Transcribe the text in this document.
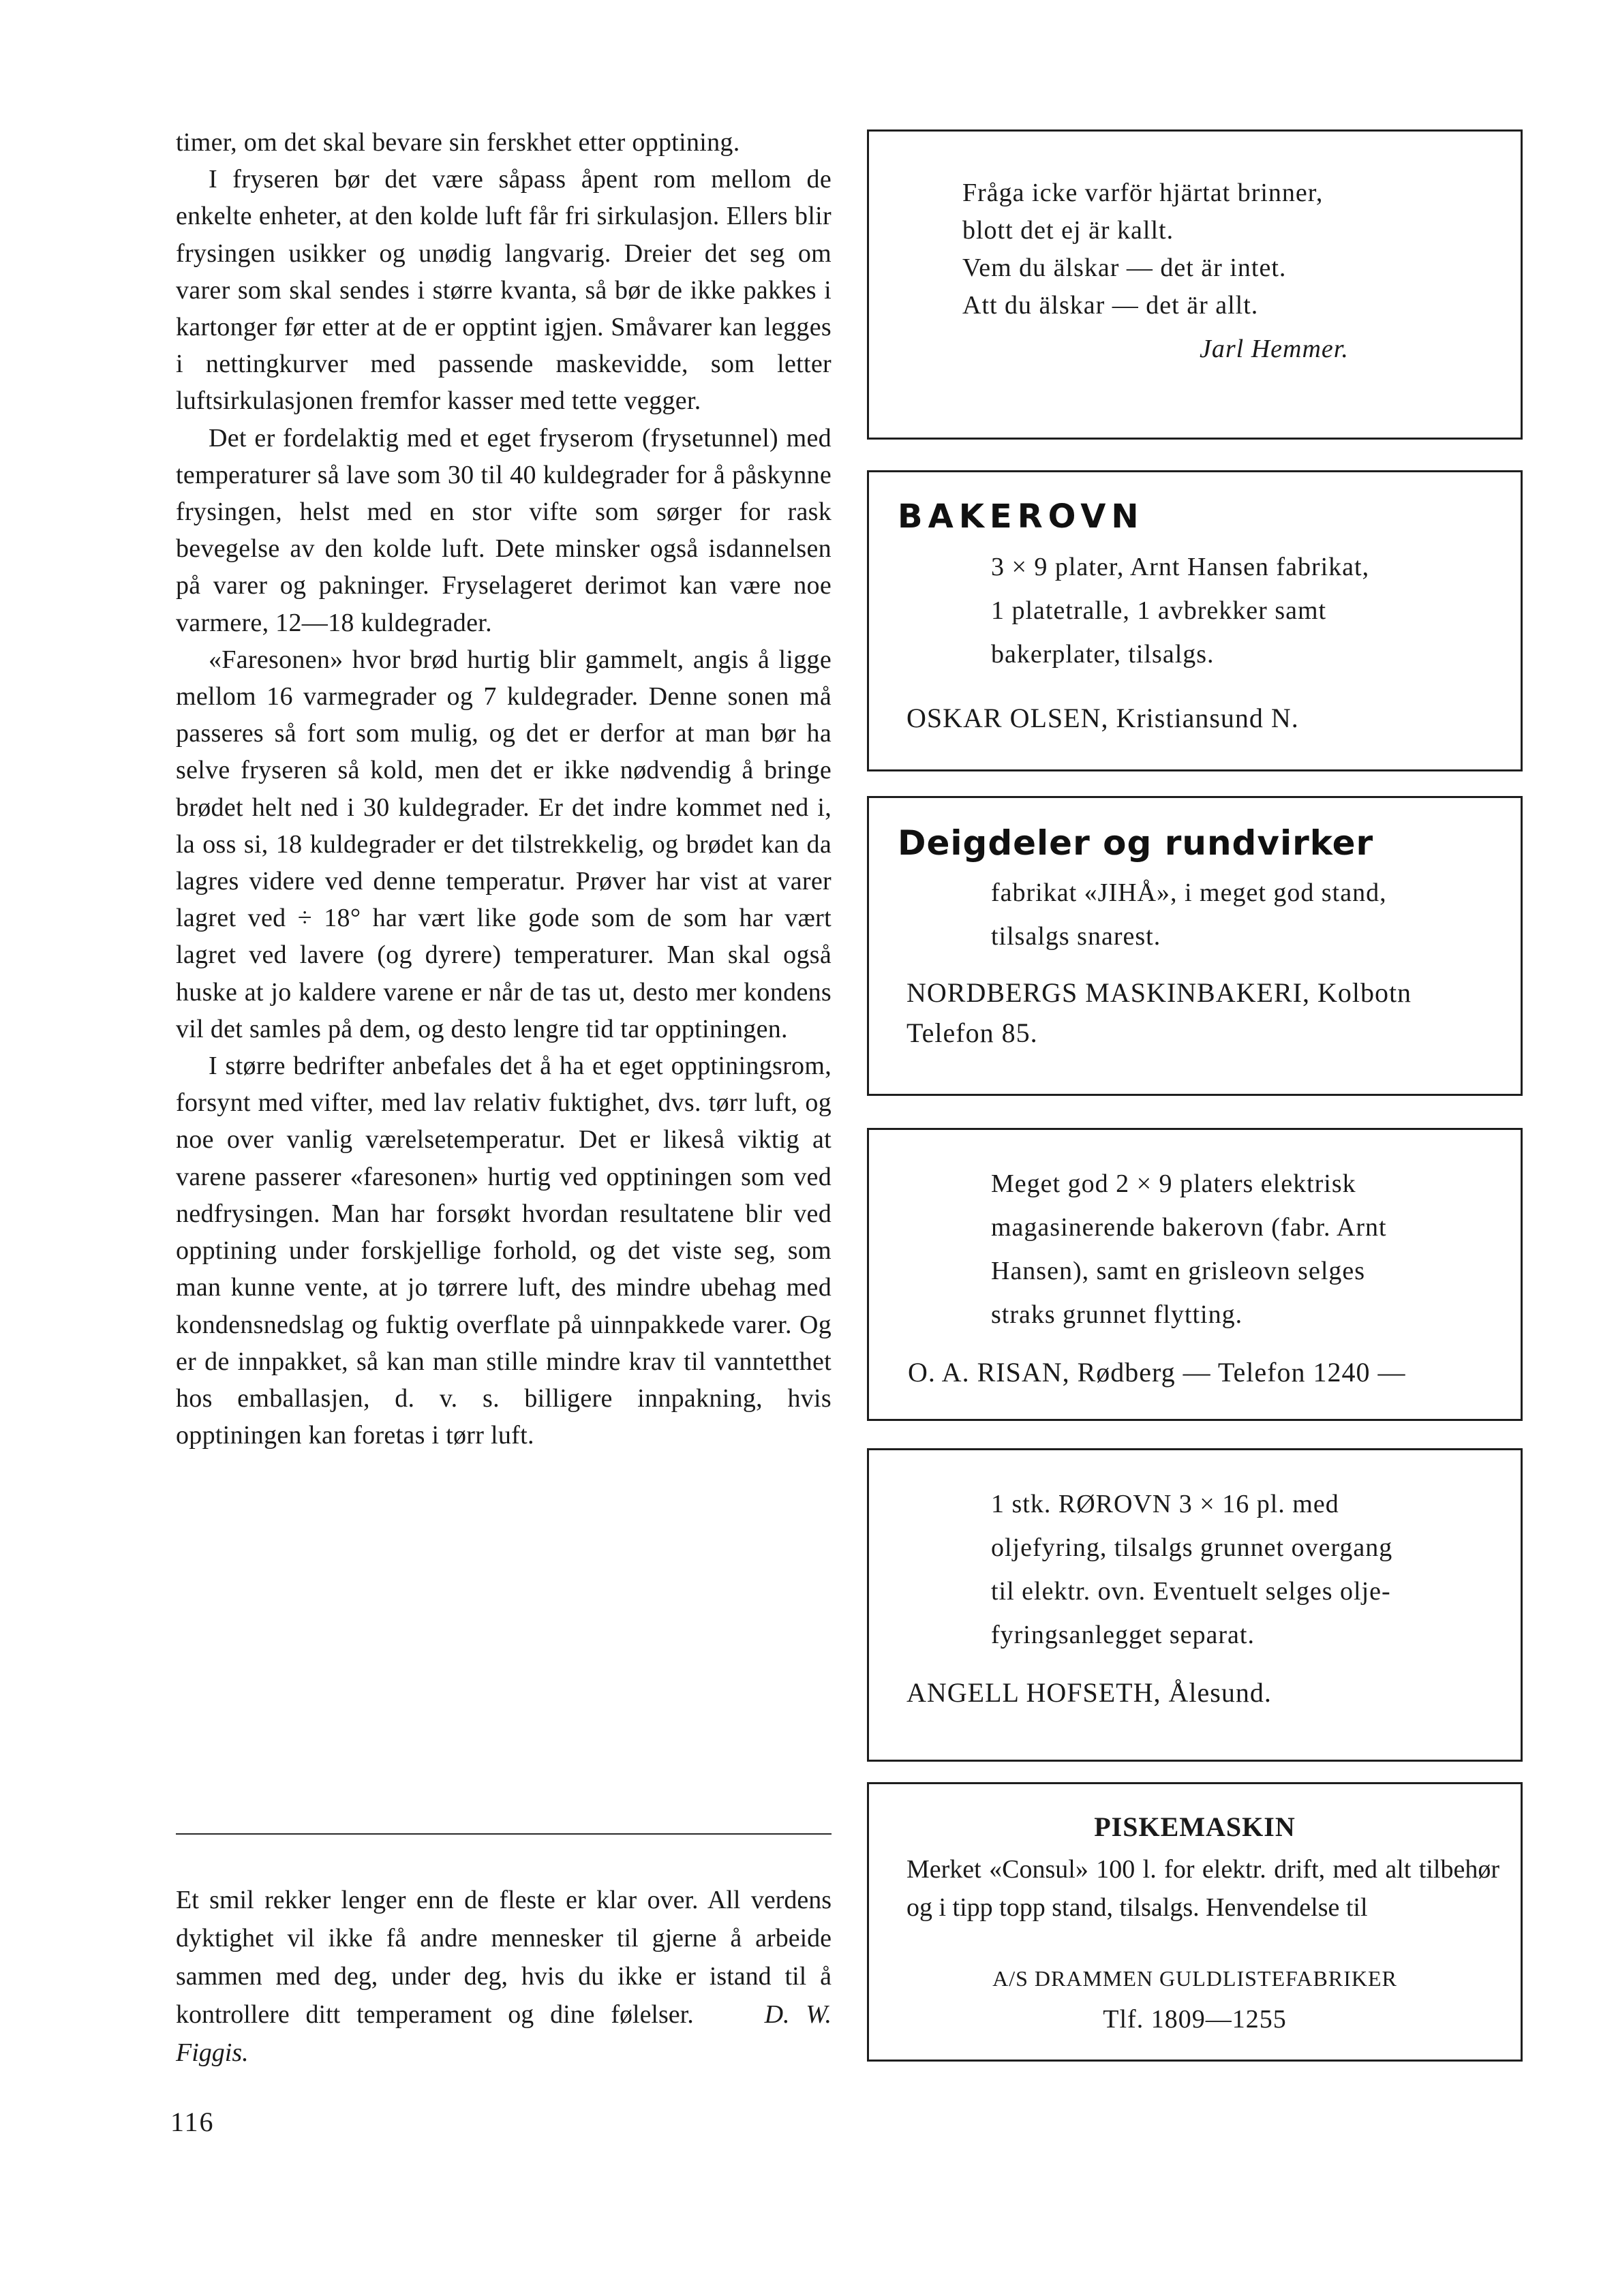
timer, om det skal bevare sin ferskhet etter opptining.

I fryseren bør det være såpass åpent rom mellom de enkelte enheter, at den kolde luft får fri sirkulasjon. Ellers blir frysingen usikker og unødig langvarig. Dreier det seg om varer som skal sendes i større kvanta, så bør de ikke pakkes i kartonger før etter at de er opptint igjen. Småvarer kan legges i nettingkurver med passende maskevidde, som letter luftsirkulasjonen fremfor kasser med tette vegger.

Det er fordelaktig med et eget fryserom (frysetunnel) med temperaturer så lave som 30 til 40 kuldegrader for å påskynne frysingen, helst med en stor vifte som sørger for rask bevegelse av den kolde luft. Dete minsker også isdannelsen på varer og pakninger. Fryselageret derimot kan være noe varmere, 12—18 kuldegrader.

«Faresonen» hvor brød hurtig blir gammelt, angis å ligge mellom 16 varmegrader og 7 kuldegrader. Denne sonen må passeres så fort som mulig, og det er derfor at man bør ha selve fryseren så kold, men det er ikke nødvendig å bringe brødet helt ned i 30 kuldegrader. Er det indre kommet ned i, la oss si, 18 kuldegrader er det tilstrekkelig, og brødet kan da lagres videre ved denne temperatur. Prøver har vist at varer lagret ved ÷ 18° har vært like gode som de som har vært lagret ved lavere (og dyrere) temperaturer. Man skal også huske at jo kaldere varene er når de tas ut, desto mer kondens vil det samles på dem, og desto lengre tid tar opptiningen.

I større bedrifter anbefales det å ha et eget opptiningsrom, forsynt med vifter, med lav relativ fuktighet, dvs. tørr luft, og noe over vanlig værelsetemperatur. Det er likeså viktig at varene passerer «faresonen» hurtig ved opptiningen som ved nedfrysingen. Man har forsøkt hvordan resultatene blir ved opptining under forskjellige forhold, og det viste seg, som man kunne vente, at jo tørrere luft, des mindre ubehag med kondensnedslag og fuktig overflate på uinnpakkede varer. Og er de innpakket, så kan man stille mindre krav til vanntetthet hos emballasjen, d. v. s. billigere innpakning, hvis opptiningen kan foretas i tørr luft.

Et smil rekker lenger enn de fleste er klar over. All verdens dyktighet vil ikke få andre mennesker til gjerne å arbeide sammen med deg, under deg, hvis du ikke er istand til å kontrollere ditt temperament og dine følelser.	D. W. Figgis.
116
Fråga icke varför hjärtat brinner,
blott det ej är kallt.
Vem du älskar — det är intet.
Att du älskar — det är allt.
Jarl Hemmer.
BAKEROVN
3 × 9 plater, Arnt Hansen fabrikat,
1 platetralle, 1 avbrekker samt
bakerplater, tilsalgs.
OSKAR OLSEN, Kristiansund N.
Deigdeler og rundvirker
fabrikat «JIHÅ», i meget god stand,
tilsalgs snarest.
NORDBERGS MASKINBAKERI, Kolbotn
Telefon 85.
Meget god 2 × 9 platers elektrisk
magasinerende bakerovn (fabr. Arnt
Hansen), samt en grisleovn selges
straks grunnet flytting.
O. A. RISAN, Rødberg — Telefon 1240 —
1 stk. RØROVN 3 × 16 pl. med
oljefyring, tilsalgs grunnet overgang
til elektr. ovn. Eventuelt selges olje-
fyringsanlegget separat.
ANGELL HOFSETH, Ålesund.
PISKEMASKIN
Merket «Consul» 100 l. for elektr. drift, med alt tilbehør og i tipp topp stand, tilsalgs. Henvendelse til
A/S DRAMMEN GULDLISTEFABRIKER
Tlf. 1809—1255
